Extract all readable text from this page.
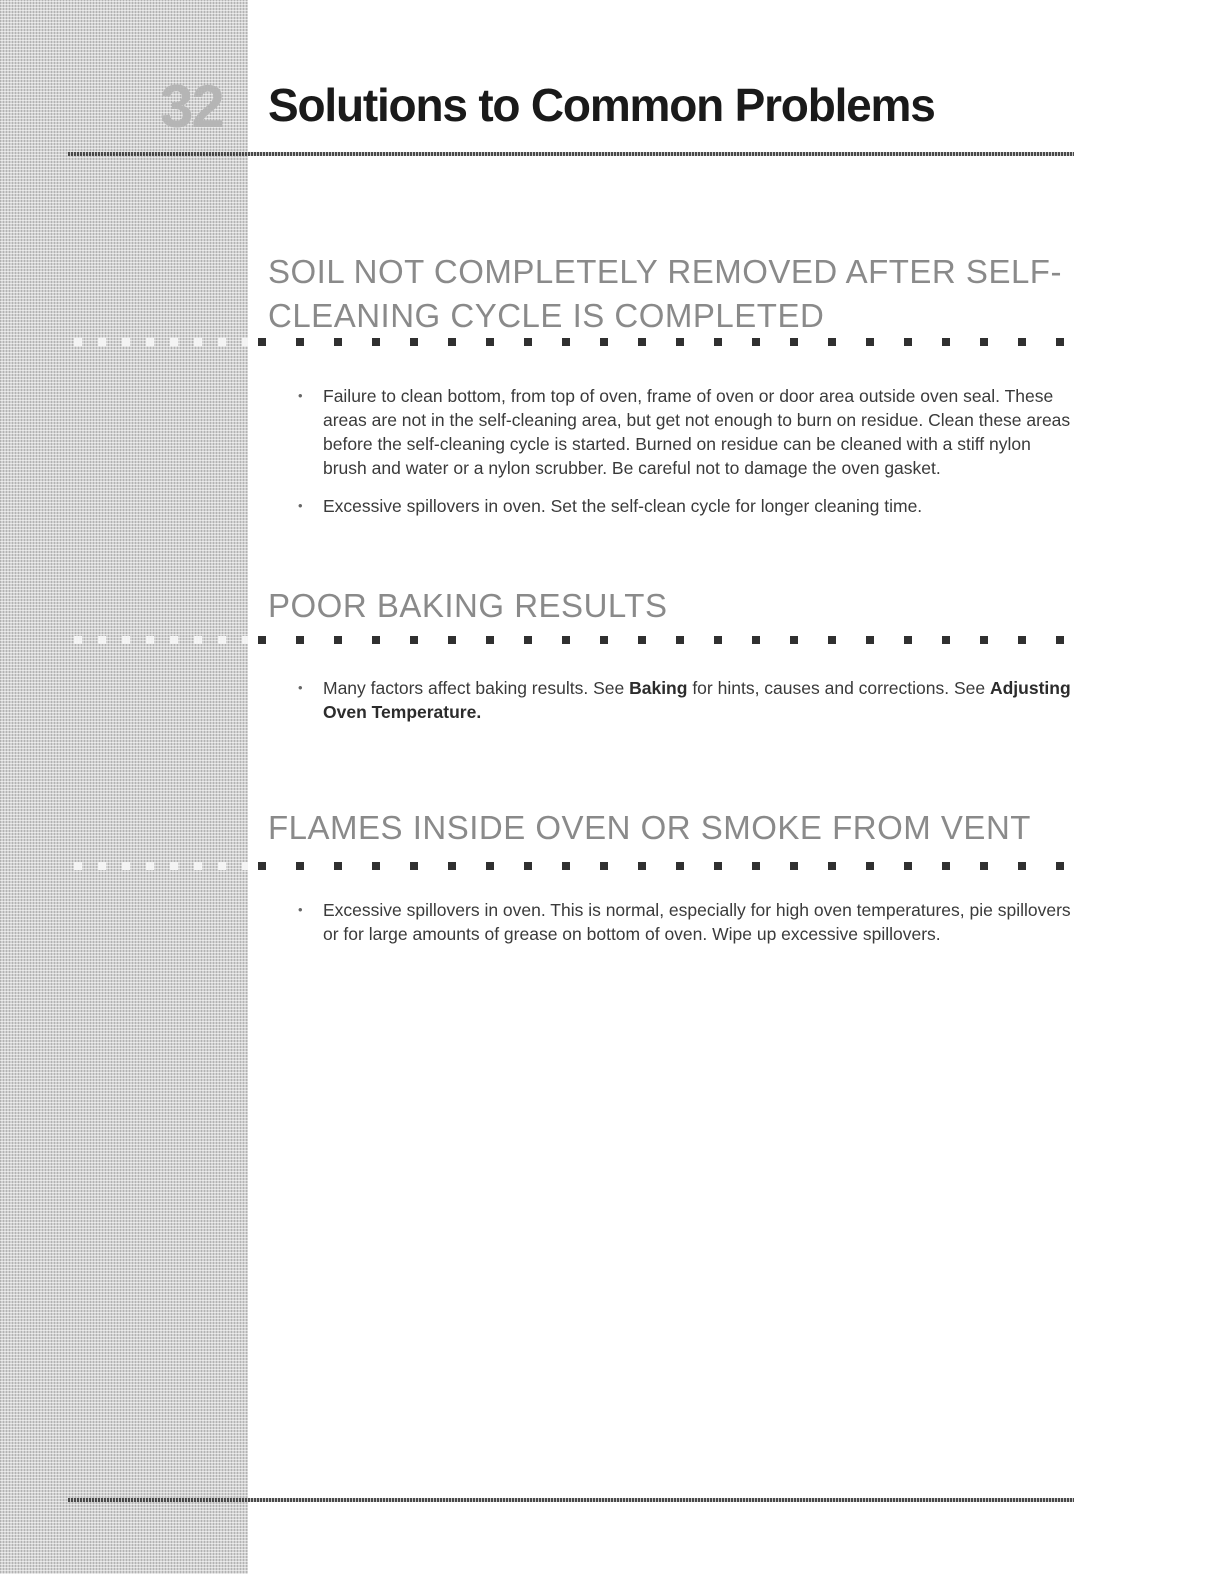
32 Solutions to Common Problems
SOIL NOT COMPLETELY REMOVED AFTER SELF-
CLEANING CYCLE IS COMPLETED
• Failure to clean bottom, from top of oven, frame of oven or door area outside oven seal. These areas are not in the self-cleaning area, but get not enough to burn on residue. Clean these areas before the self-cleaning cycle is started. Burned on residue can be cleaned with a stiff nylon brush and water or a nylon scrubber. Be careful not to damage the oven gasket.
• Excessive spillovers in oven. Set the self-clean cycle for longer cleaning time.
POOR BAKING RESULTS
• Many factors affect baking results. See Baking for hints, causes and corrections. See Adjusting Oven Temperature.
FLAMES INSIDE OVEN OR SMOKE FROM VENT
• Excessive spillovers in oven. This is normal, especially for high oven temperatures, pie spillovers or for large amounts of grease on bottom of oven. Wipe up excessive spillovers.
